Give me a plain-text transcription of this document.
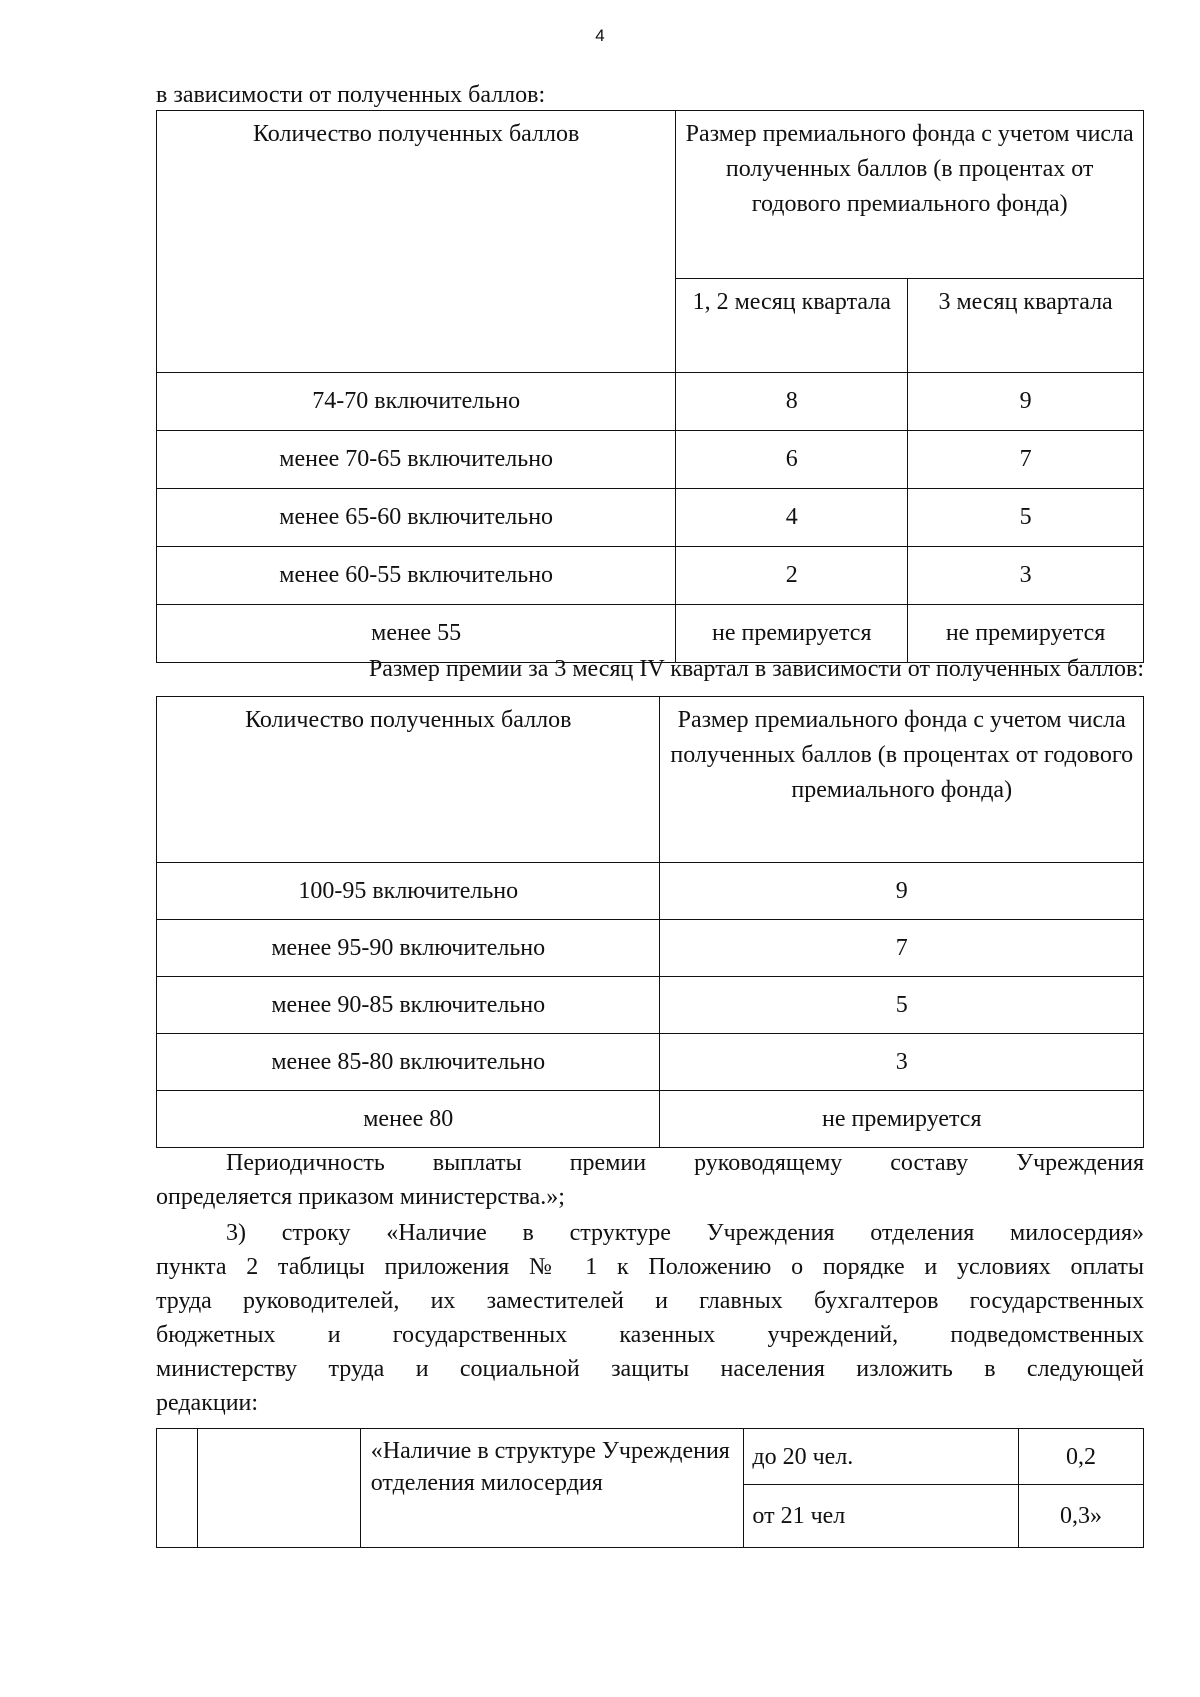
4
в зависимости от полученных баллов:
Количество полученных баллов	Размер премиального фонда с учетом числа полученных баллов (в процентах от годового премиального фонда)	
	1, 2 месяц квартала	3 месяц квартала
74-70 включительно	8	9
менее 70-65 включительно	6	7
менее 65-60 включительно	4	5
менее 60-55 включительно	2	3
менее 55	не премируется	не премируется
Размер премии за 3 месяц IV квартал в зависимости от полученных баллов:
Количество полученных баллов	Размер премиального фонда с учетом числа полученных баллов (в процентах от годового премиального фонда)
100-95 включительно	9
менее 95-90 включительно	7
менее 90-85 включительно	5
менее 85-80 включительно	3
менее 80	не премируется
Периодичность выплаты премии руководящему составу Учреждения
определяется приказом министерства.»;
3) строку «Наличие в структуре Учреждения отделения милосердия»
пункта 2 таблицы приложения № 1 к Положению о порядке и условиях оплаты
труда руководителей, их заместителей и главных бухгалтеров государственных
бюджетных и государственных казенных учреждений, подведомственных
министерству труда и социальной защиты населения изложить в следующей
редакции:
		«Наличие в структуре Учреждения отделения милосердия	до 20 чел.	0,2
			от 21 чел	0,3»
